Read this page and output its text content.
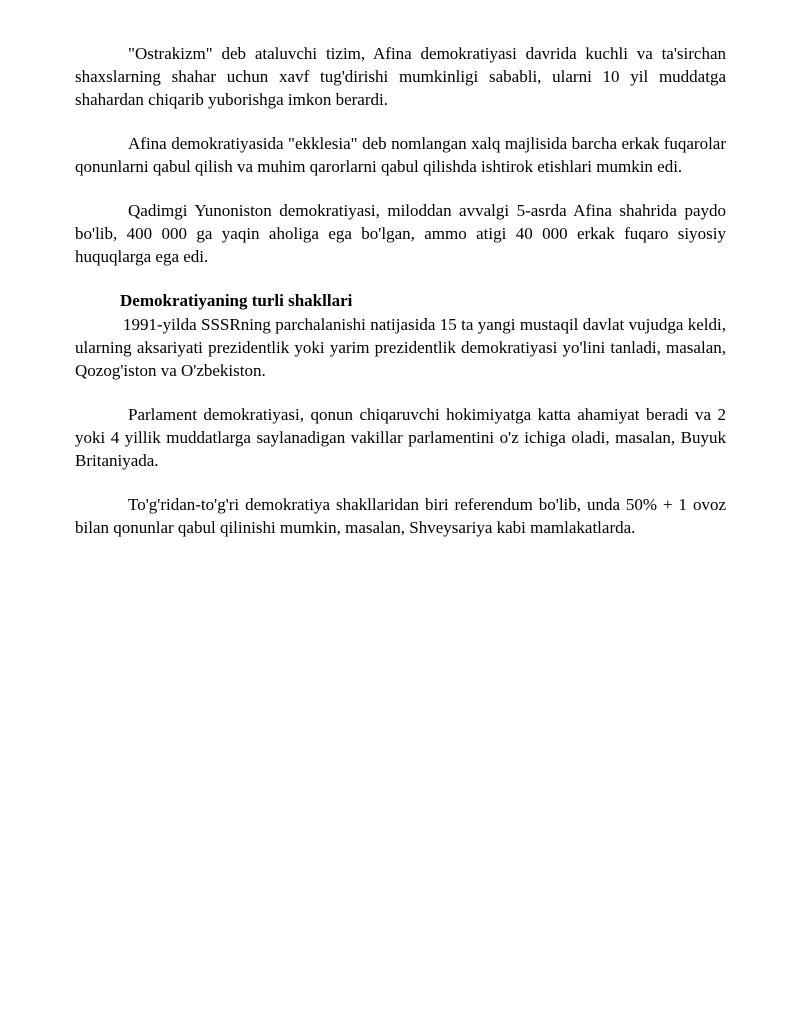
"Ostrakizm" deb ataluvchi tizim, Afina demokratiyasi davrida kuchli va ta'sirchan shaxslarning shahar uchun xavf tug'dirishi mumkinligi sababli, ularni 10 yil muddatga shahardan chiqarib yuborishga imkon berardi.

Afina demokratiyasida "ekklesia" deb nomlangan xalq majlisida barcha erkak fuqarolar qonunlarni qabul qilish va muhim qarorlarni qabul qilishda ishtirok etishlari mumkin edi.

Qadimgi Yunoniston demokratiyasi, miloddan avvalgi 5-asrda Afina shahrida paydo bo'lib, 400 000 ga yaqin aholiga ega bo'lgan, ammo atigi 40 000 erkak fuqaro siyosiy huquqlarga ega edi.

Demokratiyaning turli shakllari

1991-yilda SSSRning parchalanishi natijasida 15 ta yangi mustaqil davlat vujudga keldi, ularning aksariyati prezidentlik yoki yarim prezidentlik demokratiyasi yo'lini tanladi, masalan, Qozog'iston va O'zbekiston.

Parlament demokratiyasi, qonun chiqaruvchi hokimiyatga katta ahamiyat beradi va 2 yoki 4 yillik muddatlarga saylanadigan vakillar parlamentini o'z ichiga oladi, masalan, Buyuk Britaniyada.

To'g'ridan-to'g'ri demokratiya shakllaridan biri referendum bo'lib, unda 50% + 1 ovoz bilan qonunlar qabul qilinishi mumkin, masalan, Shveysariya kabi mamlakatlarda.
